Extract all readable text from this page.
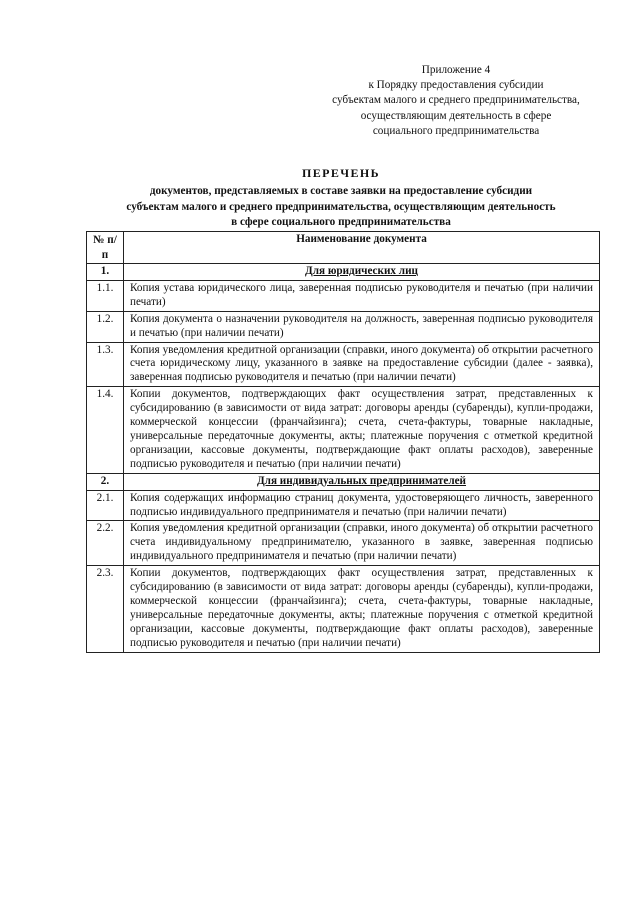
Приложение 4
к Порядку предоставления субсидии
субъектам малого и среднего предпринимательства,
осуществляющим деятельность в сфере
социального предпринимательства
ПЕРЕЧЕНЬ
документов, представляемых в составе заявки на предоставление субсидии
субъектам малого и среднего предпринимательства, осуществляющим деятельность
в сфере социального предпринимательства
№ п/п	Наименование документа
1.	Для юридических лиц
1.1.	Копия устава юридического лица, заверенная подписью руководителя и печатью (при наличии печати)
1.2.	Копия документа о назначении руководителя на должность, заверенная подписью руководителя и печатью (при наличии печати)
1.3.	Копия уведомления кредитной организации (справки, иного документа) об открытии расчетного счета юридическому лицу, указанного в заявке на предоставление субсидии (далее - заявка), заверенная подписью руководителя и печатью (при наличии печати)
1.4.	Копии документов, подтверждающих факт осуществления затрат, представленных к субсидированию (в зависимости от вида затрат: договоры аренды (субаренды), купли-продажи, коммерческой концессии (франчайзинга); счета, счета-фактуры, товарные накладные, универсальные передаточные документы, акты; платежные поручения с отметкой кредитной организации, кассовые документы, подтверждающие факт оплаты расходов), заверенные подписью руководителя и печатью (при наличии печати)
2.	Для индивидуальных предпринимателей
2.1.	Копия содержащих информацию страниц документа, удостоверяющего личность, заверенного подписью индивидуального предпринимателя и печатью (при наличии печати)
2.2.	Копия уведомления кредитной организации (справки, иного документа) об открытии расчетного счета индивидуальному предпринимателю, указанного в заявке, заверенная подписью индивидуального предпринимателя и печатью (при наличии печати)
2.3.	Копии документов, подтверждающих факт осуществления затрат, представленных к субсидированию (в зависимости от вида затрат: договоры аренды (субаренды), купли-продажи, коммерческой концессии (франчайзинга); счета, счета-фактуры, товарные накладные, универсальные передаточные документы, акты; платежные поручения с отметкой кредитной организации, кассовые документы, подтверждающие факт оплаты расходов), заверенные подписью руководителя и печатью (при наличии печати)
